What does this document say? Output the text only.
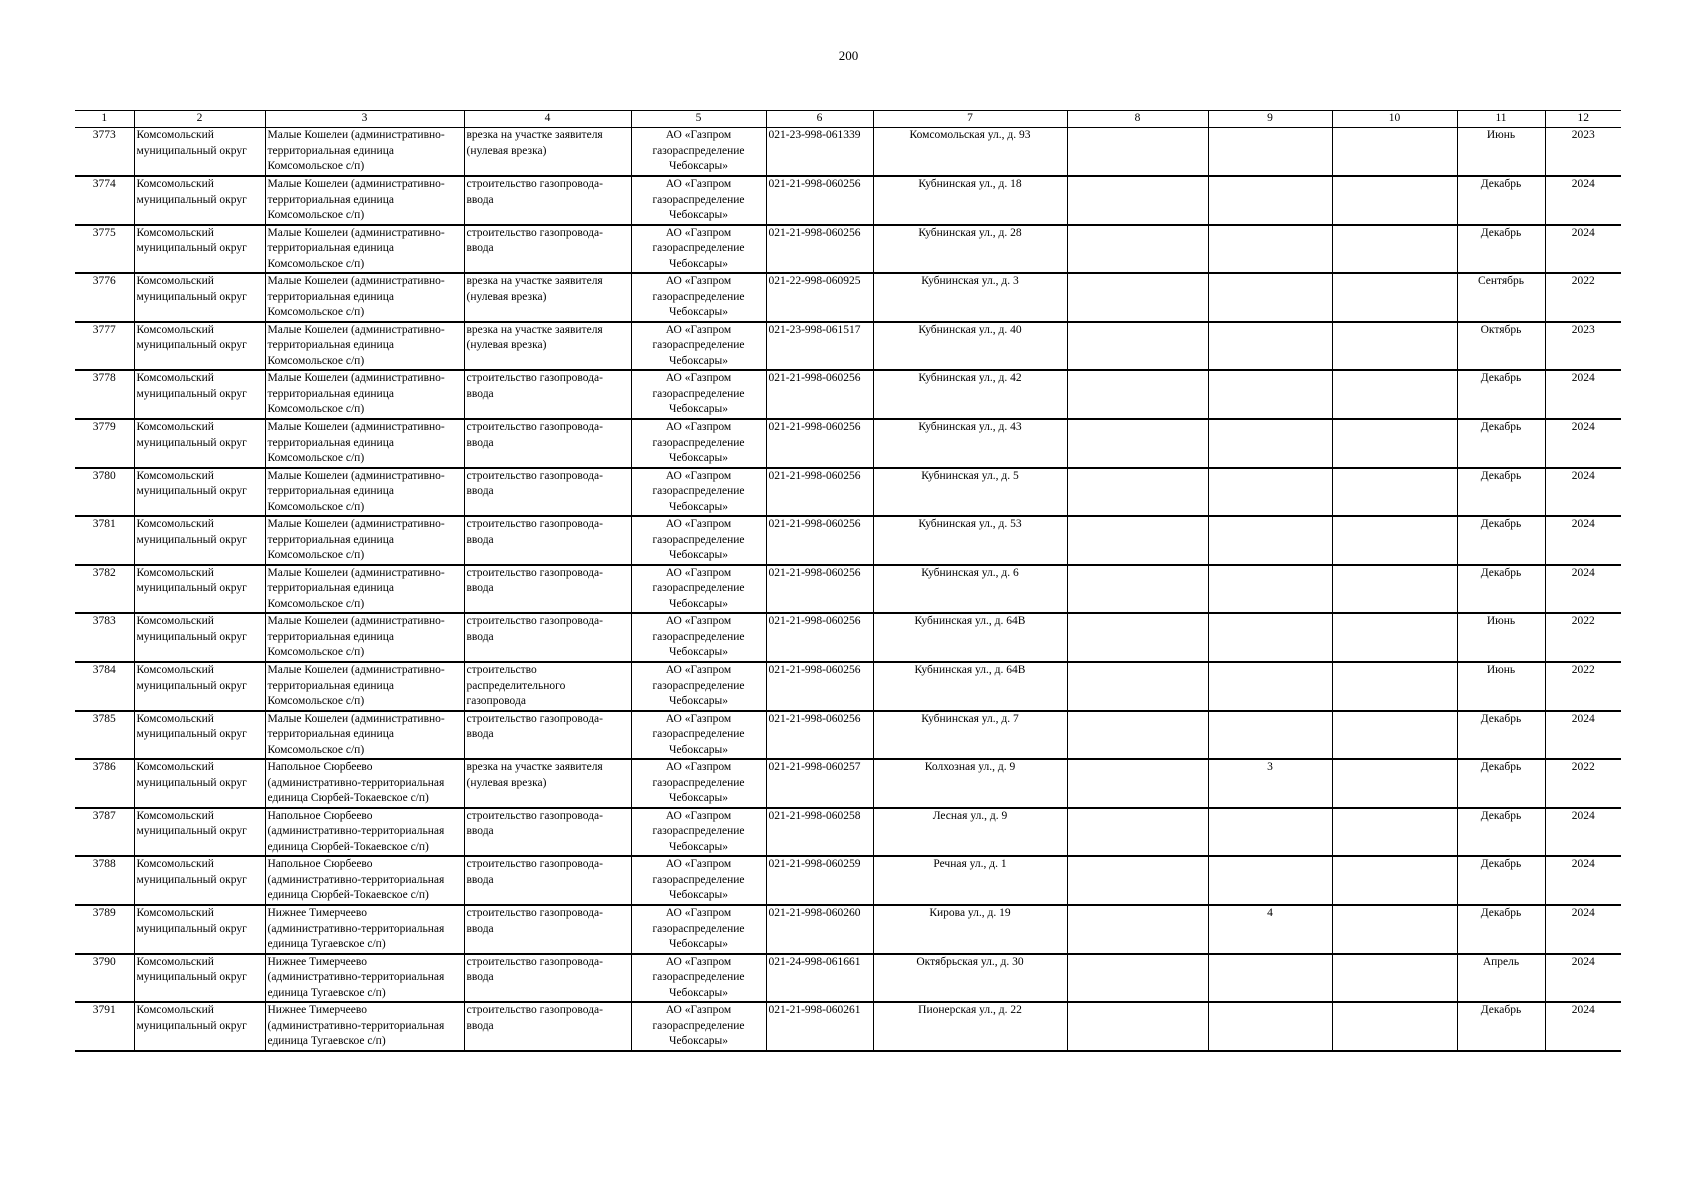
200
1	2	3	4	5	6	7	8	9	10	11	12
3773	Комсомольский
муниципальный округ	Малые Кошелеи (административно-
территориальная единица
Комсомольское с/п)	врезка на участке заявителя
(нулевая врезка)	АО «Газпром
газораспределение
Чебоксары»	021-23-998-061339	Комсомольская ул., д. 93				Июнь	2023
3774	Комсомольский
муниципальный округ	Малые Кошелеи (административно-
территориальная единица
Комсомольское с/п)	строительство газопровода-
ввода	АО «Газпром
газораспределение
Чебоксары»	021-21-998-060256	Кубнинская ул., д. 18				Декабрь	2024
3775	Комсомольский
муниципальный округ	Малые Кошелеи (административно-
территориальная единица
Комсомольское с/п)	строительство газопровода-
ввода	АО «Газпром
газораспределение
Чебоксары»	021-21-998-060256	Кубнинская ул., д. 28				Декабрь	2024
3776	Комсомольский
муниципальный округ	Малые Кошелеи (административно-
территориальная единица
Комсомольское с/п)	врезка на участке заявителя
(нулевая врезка)	АО «Газпром
газораспределение
Чебоксары»	021-22-998-060925	Кубнинская ул., д. 3				Сентябрь	2022
3777	Комсомольский
муниципальный округ	Малые Кошелеи (административно-
территориальная единица
Комсомольское с/п)	врезка на участке заявителя
(нулевая врезка)	АО «Газпром
газораспределение
Чебоксары»	021-23-998-061517	Кубнинская ул., д. 40				Октябрь	2023
3778	Комсомольский
муниципальный округ	Малые Кошелеи (административно-
территориальная единица
Комсомольское с/п)	строительство газопровода-
ввода	АО «Газпром
газораспределение
Чебоксары»	021-21-998-060256	Кубнинская ул., д. 42				Декабрь	2024
3779	Комсомольский
муниципальный округ	Малые Кошелеи (административно-
территориальная единица
Комсомольское с/п)	строительство газопровода-
ввода	АО «Газпром
газораспределение
Чебоксары»	021-21-998-060256	Кубнинская ул., д. 43				Декабрь	2024
3780	Комсомольский
муниципальный округ	Малые Кошелеи (административно-
территориальная единица
Комсомольское с/п)	строительство газопровода-
ввода	АО «Газпром
газораспределение
Чебоксары»	021-21-998-060256	Кубнинская ул., д. 5				Декабрь	2024
3781	Комсомольский
муниципальный округ	Малые Кошелеи (административно-
территориальная единица
Комсомольское с/п)	строительство газопровода-
ввода	АО «Газпром
газораспределение
Чебоксары»	021-21-998-060256	Кубнинская ул., д. 53				Декабрь	2024
3782	Комсомольский
муниципальный округ	Малые Кошелеи (административно-
территориальная единица
Комсомольское с/п)	строительство газопровода-
ввода	АО «Газпром
газораспределение
Чебоксары»	021-21-998-060256	Кубнинская ул., д. 6				Декабрь	2024
3783	Комсомольский
муниципальный округ	Малые Кошелеи (административно-
территориальная единица
Комсомольское с/п)	строительство газопровода-
ввода	АО «Газпром
газораспределение
Чебоксары»	021-21-998-060256	Кубнинская ул., д. 64В				Июнь	2022
3784	Комсомольский
муниципальный округ	Малые Кошелеи (административно-
территориальная единица
Комсомольское с/п)	строительство
распределительного
газопровода	АО «Газпром
газораспределение
Чебоксары»	021-21-998-060256	Кубнинская ул., д. 64В				Июнь	2022
3785	Комсомольский
муниципальный округ	Малые Кошелеи (административно-
территориальная единица
Комсомольское с/п)	строительство газопровода-
ввода	АО «Газпром
газораспределение
Чебоксары»	021-21-998-060256	Кубнинская ул., д. 7				Декабрь	2024
3786	Комсомольский
муниципальный округ	Напольное Сюрбеево
(административно-территориальная
единица Сюрбей-Токаевское с/п)	врезка на участке заявителя
(нулевая врезка)	АО «Газпром
газораспределение
Чебоксары»	021-21-998-060257	Колхозная ул., д. 9		3		Декабрь	2022
3787	Комсомольский
муниципальный округ	Напольное Сюрбеево
(административно-территориальная
единица Сюрбей-Токаевское с/п)	строительство газопровода-
ввода	АО «Газпром
газораспределение
Чебоксары»	021-21-998-060258	Лесная ул., д. 9				Декабрь	2024
3788	Комсомольский
муниципальный округ	Напольное Сюрбеево
(административно-территориальная
единица Сюрбей-Токаевское с/п)	строительство газопровода-
ввода	АО «Газпром
газораспределение
Чебоксары»	021-21-998-060259	Речная ул., д. 1				Декабрь	2024
3789	Комсомольский
муниципальный округ	Нижнее Тимерчеево
(административно-территориальная
единица Тугаевское с/п)	строительство газопровода-
ввода	АО «Газпром
газораспределение
Чебоксары»	021-21-998-060260	Кирова ул., д. 19		4		Декабрь	2024
3790	Комсомольский
муниципальный округ	Нижнее Тимерчеево
(административно-территориальная
единица Тугаевское с/п)	строительство газопровода-
ввода	АО «Газпром
газораспределение
Чебоксары»	021-24-998-061661	Октябрьская ул., д. 30				Апрель	2024
3791	Комсомольский
муниципальный округ	Нижнее Тимерчеево
(административно-территориальная
единица Тугаевское с/п)	строительство газопровода-
ввода	АО «Газпром
газораспределение
Чебоксары»	021-21-998-060261	Пионерская ул., д. 22				Декабрь	2024
